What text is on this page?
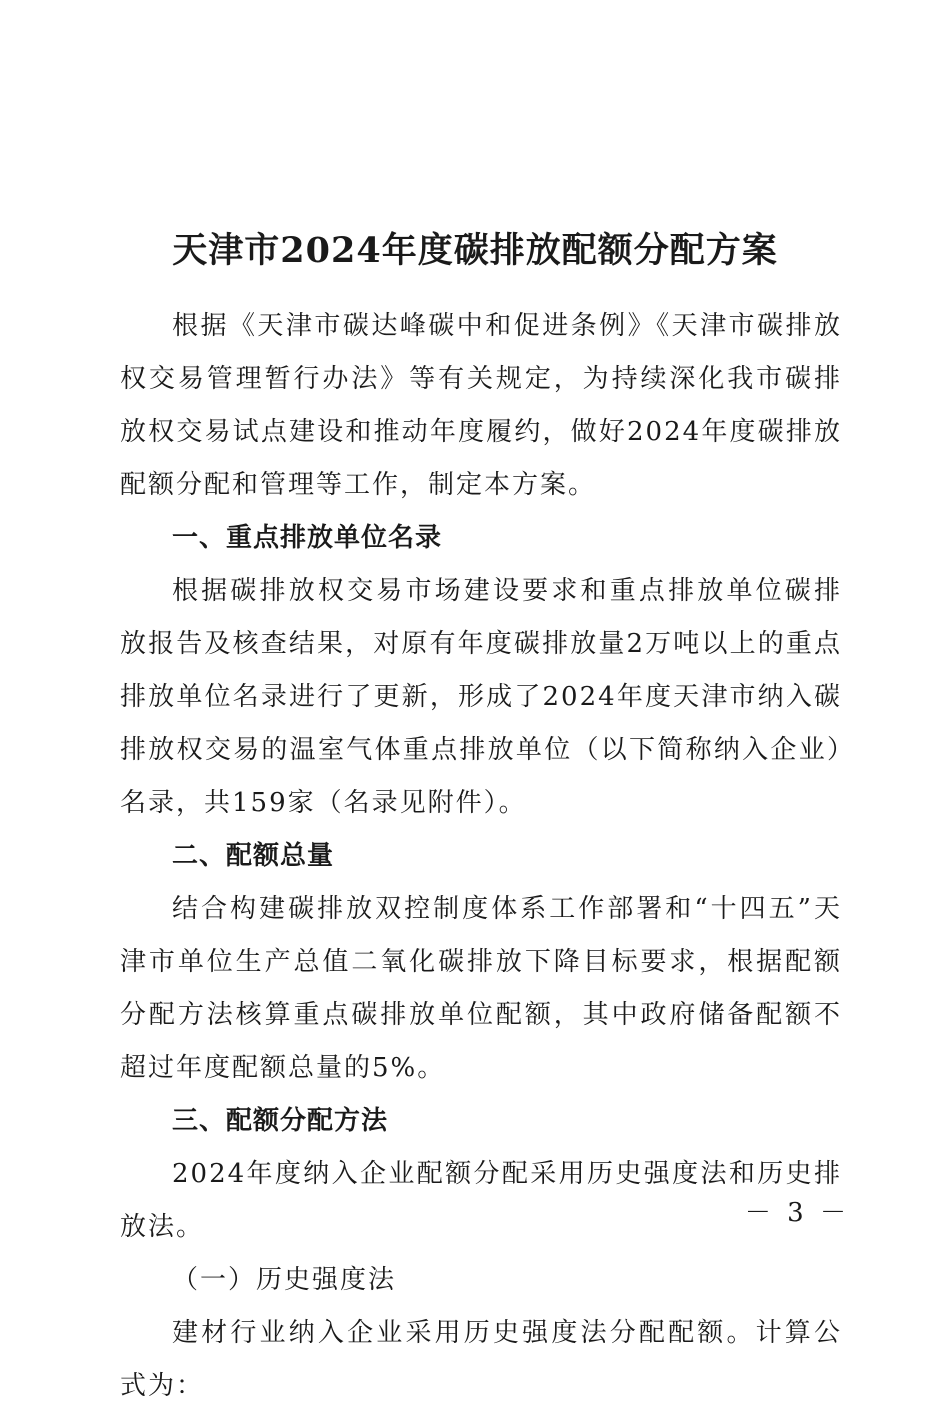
天津市2024年度碳排放配额分配方案

根据《天津市碳达峰碳中和促进条例》《天津市碳排放权交易管理暂行办法》等有关规定，为持续深化我市碳排放权交易试点建设和推动年度履约，做好2024年度碳排放配额分配和管理等工作，制定本方案。

一、重点排放单位名录

根据碳排放权交易市场建设要求和重点排放单位碳排放报告及核查结果，对原有年度碳排放量2万吨以上的重点排放单位名录进行了更新，形成了2024年度天津市纳入碳排放权交易的温室气体重点排放单位（以下简称纳入企业）名录，共159家（名录见附件）。

二、配额总量

结合构建碳排放双控制度体系工作部署和“十四五”天津市单位生产总值二氧化碳排放下降目标要求，根据配额分配方法核算重点碳排放单位配额，其中政府储备配额不超过年度配额总量的5%。

三、配额分配方法

2024年度纳入企业配额分配采用历史强度法和历史排放法。

（一）历史强度法

建材行业纳入企业采用历史强度法分配配额。计算公式为：

－ 3 －
